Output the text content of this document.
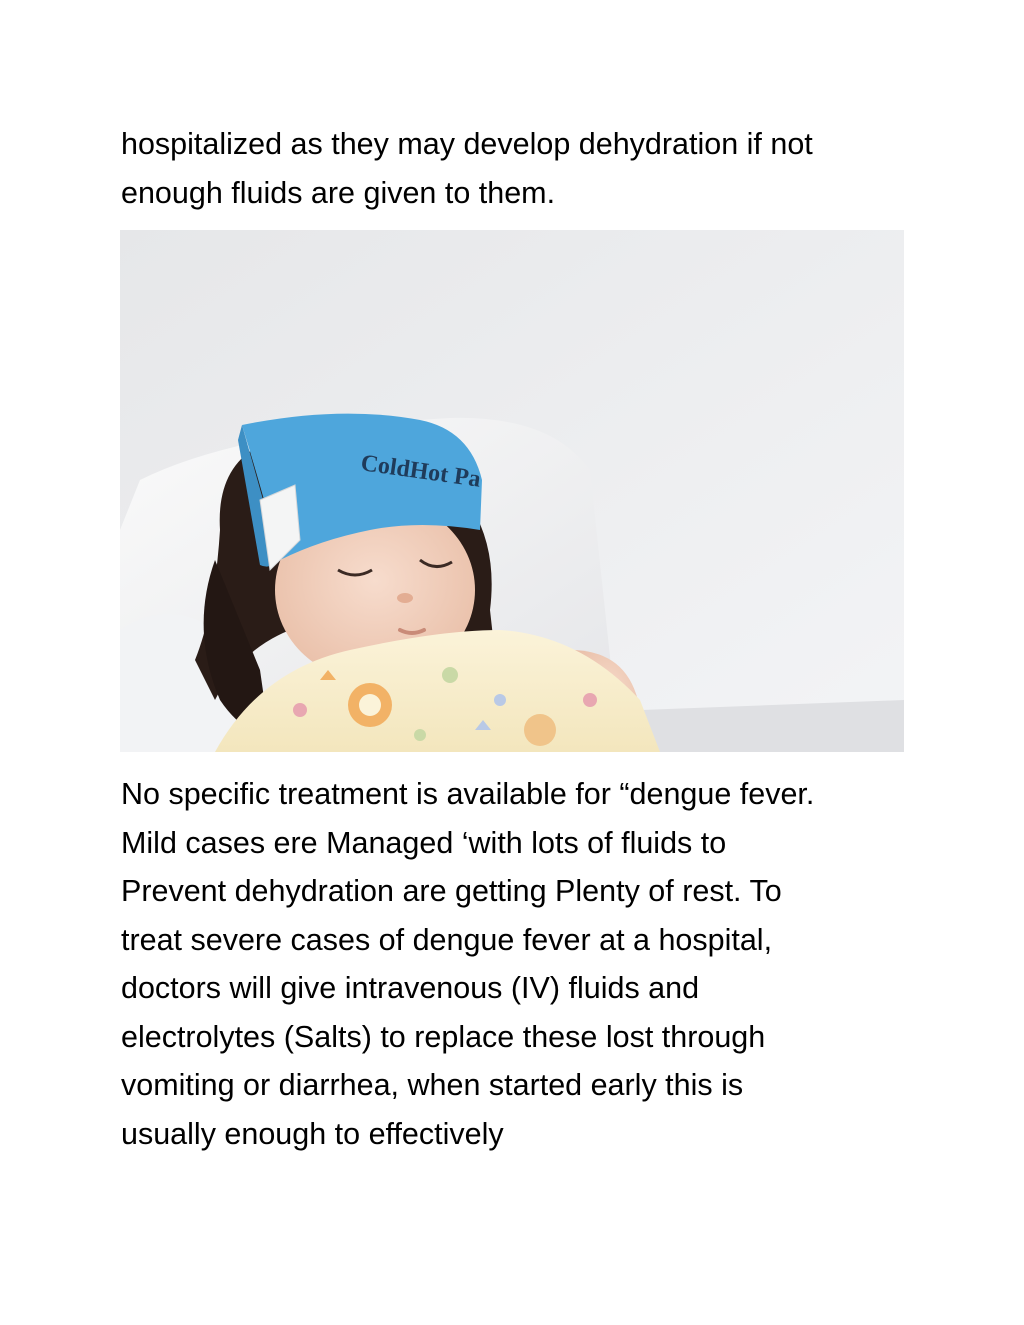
hospitalized as they may develop dehydration if not
enough fluids are given to them.
ColdHot Pa
No specific treatment is available for “dengue fever.
Mild cases ere Managed ‘with lots of fluids to
Prevent dehydration are getting Plenty of rest. To
treat severe cases of dengue fever at a hospital,
doctors will give intravenous (IV) fluids and
electrolytes (Salts) to replace these lost through
vomiting or diarrhea, when started early this is
usually enough to effectively
